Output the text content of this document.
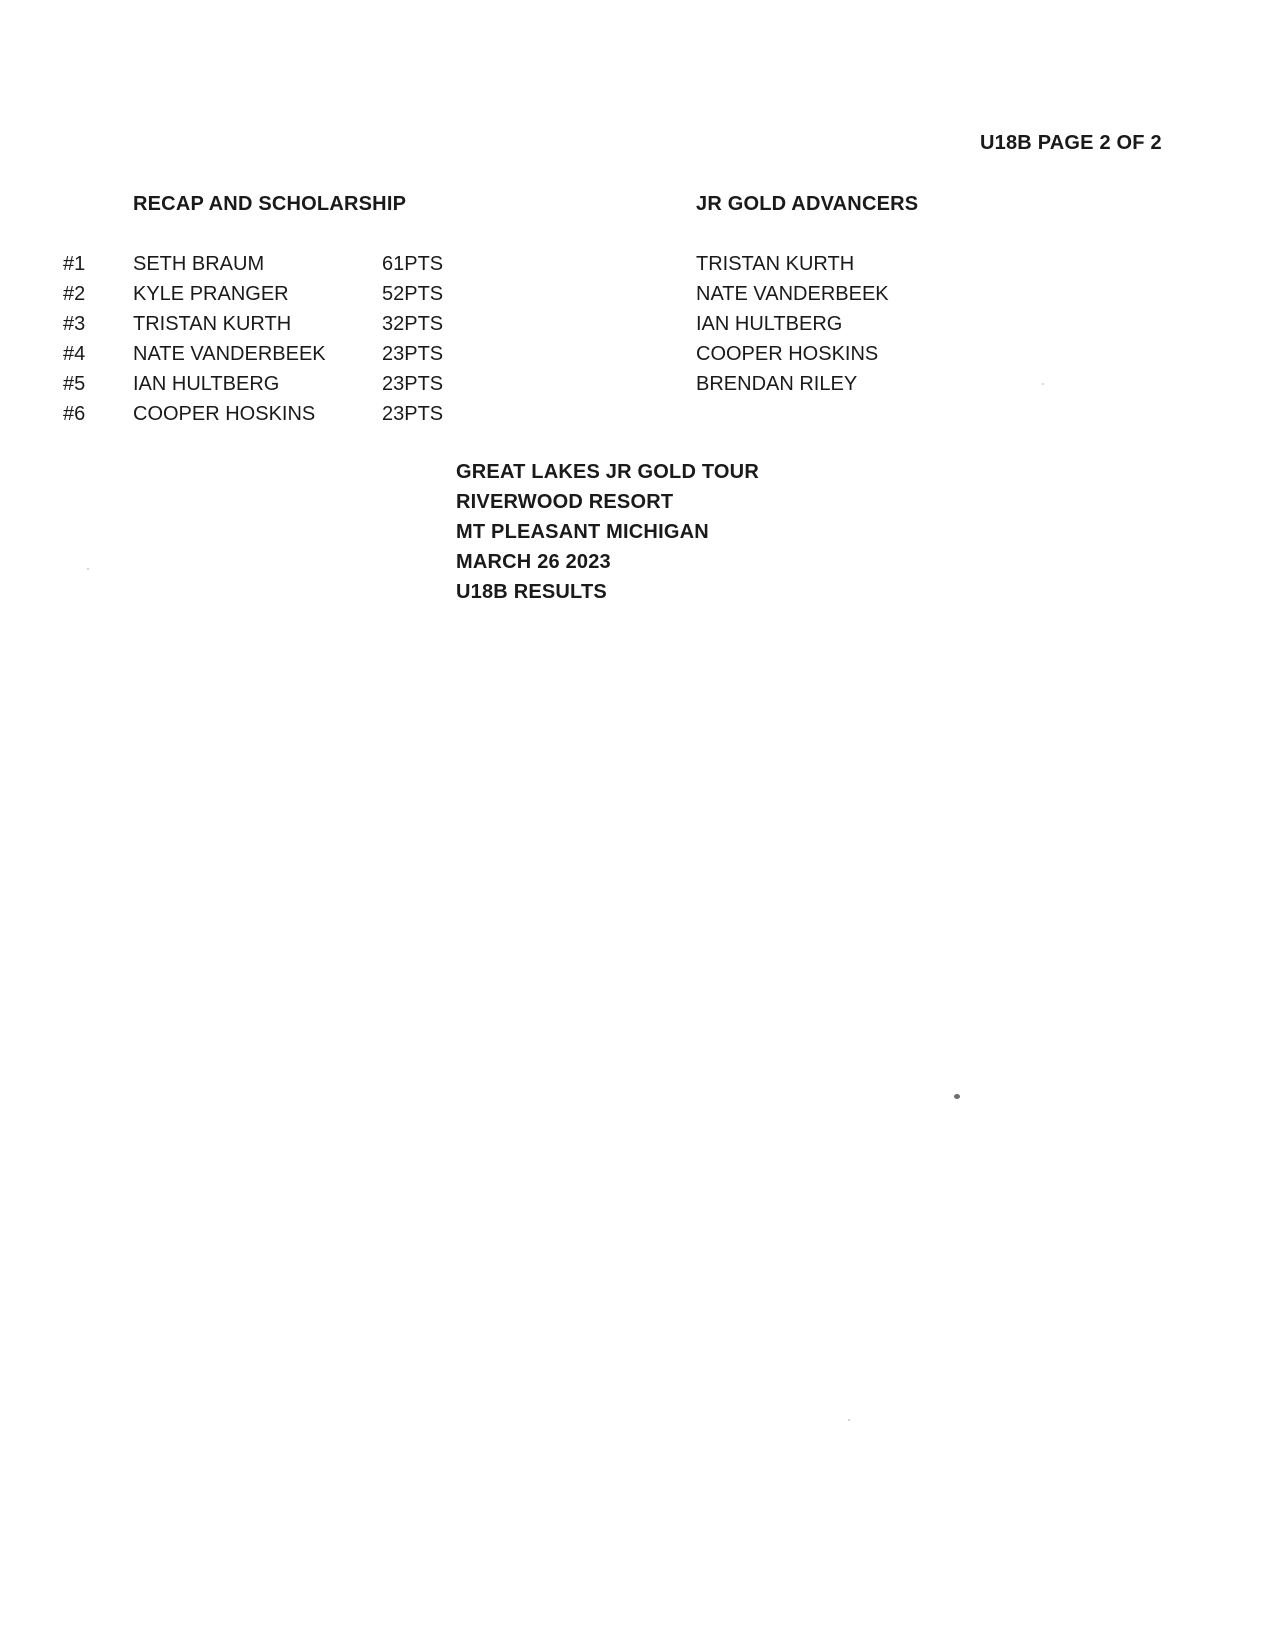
U18B PAGE 2 OF 2
RECAP AND SCHOLARSHIP	JR GOLD ADVANCERS
#1 SETH BRAUM	61PTS
#2 KYLE PRANGER	52PTS
#3 TRISTAN KURTH	32PTS
#4 NATE VANDERBEEK	23PTS
#5 IAN HULTBERG	23PTS
#6 COOPER HOSKINS	23PTS
TRISTAN KURTH
NATE VANDERBEEK
IAN HULTBERG
COOPER HOSKINS
BRENDAN RILEY
GREAT LAKES JR GOLD TOUR
RIVERWOOD RESORT
MT PLEASANT MICHIGAN
MARCH 26 2023
U18B RESULTS
